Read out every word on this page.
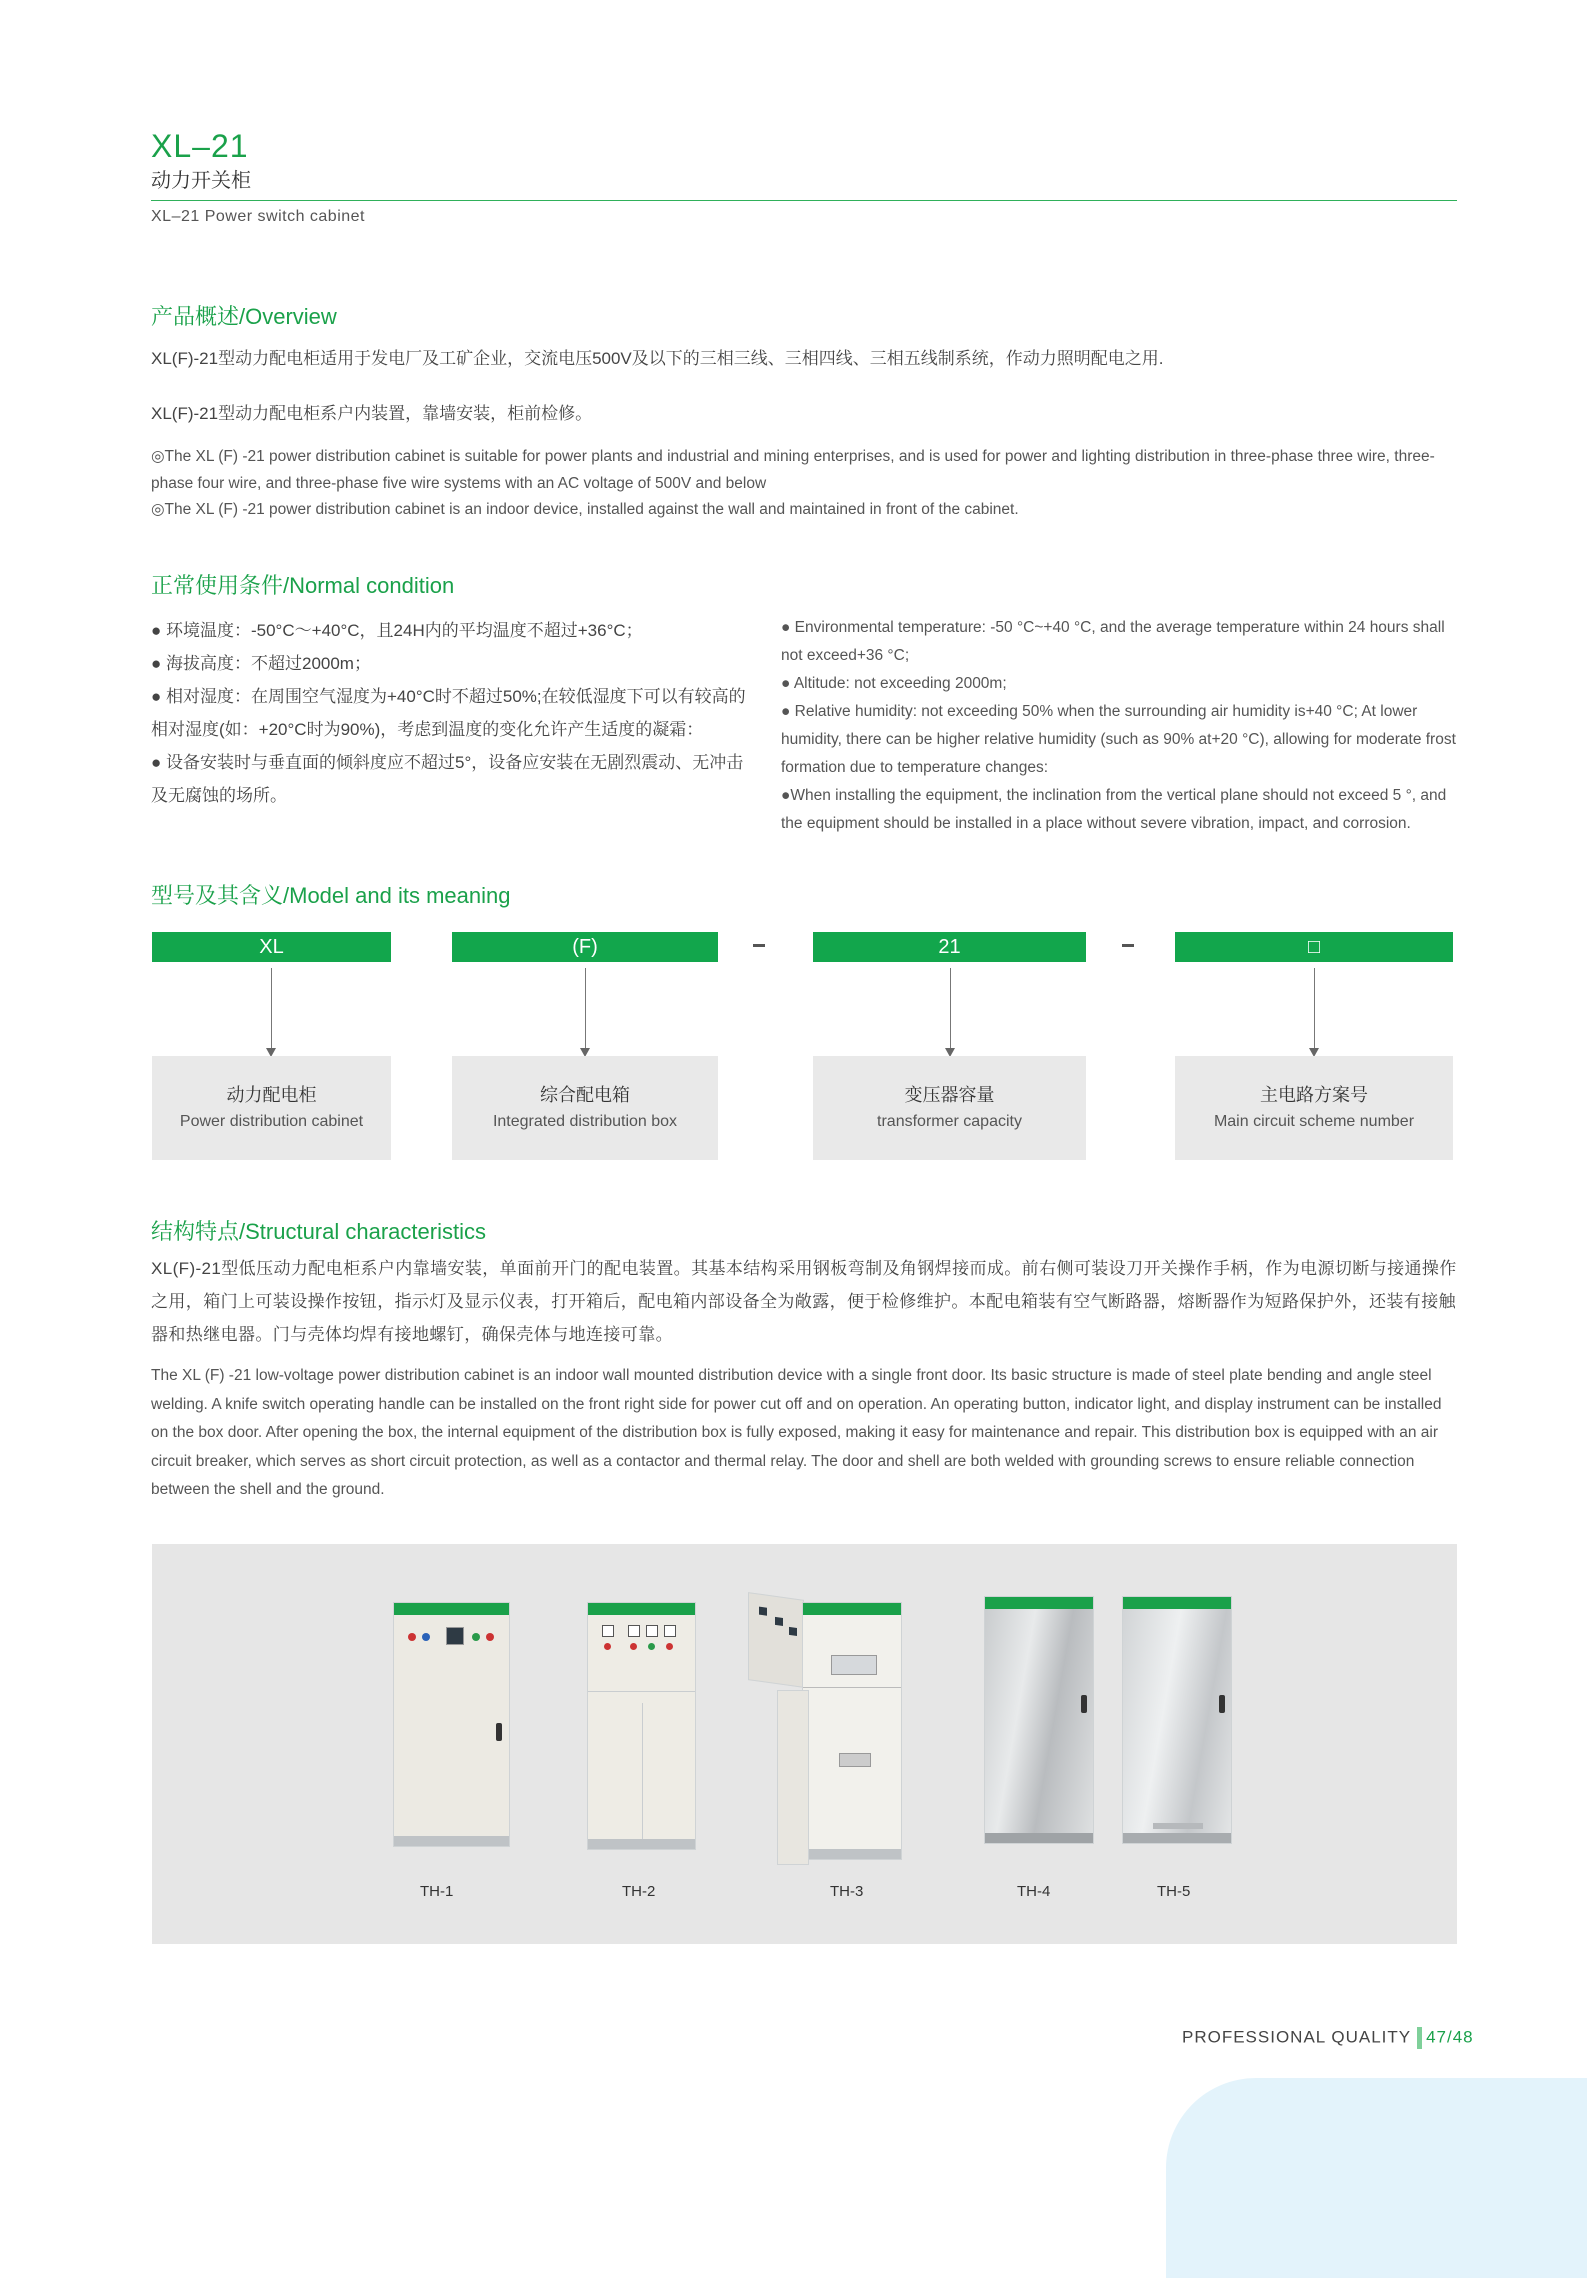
XL–21
动力开关柜
XL–21 Power switch cabinet
产品概述/Overview
XL(F)-21型动力配电柜适用于发电厂及工矿企业，交流电压500V及以下的三相三线、三相四线、三相五线制系统，作动力照明配电之用.
XL(F)-21型动力配电柜系户内装置，靠墙安装，柜前检修。
◎The XL (F) -21 power distribution cabinet is suitable for power plants and industrial and mining enterprises, and is used for power and lighting distribution in three-phase three wire, three-phase four wire, and three-phase five wire systems with an AC voltage of 500V and below
◎The XL (F) -21 power distribution cabinet is an indoor device, installed against the wall and maintained in front of the cabinet.
正常使用条件/Normal condition
● 环境温度：-50°C～+40°C，且24H内的平均温度不超过+36°C；
● 海拔高度：不超过2000m；
● 相对湿度：在周围空气湿度为+40°C时不超过50%;在较低湿度下可以有较高的相对湿度(如：+20°C时为90%)，考虑到温度的变化允许产生适度的凝霜：
● 设备安装时与垂直面的倾斜度应不超过5°，设备应安装在无剧烈震动、无冲击及无腐蚀的场所。
● Environmental temperature: -50 °C~+40 °C, and the average temperature within 24 hours shall not exceed+36 °C;
● Altitude: not exceeding 2000m;
● Relative humidity: not exceeding 50% when the surrounding air humidity is+40 °C; At lower humidity, there can be higher relative humidity (such as 90% at+20 °C), allowing for moderate frost formation due to temperature changes:
●When installing the equipment, the inclination from the vertical plane should not exceed 5 °, and the equipment should be installed in a place without severe vibration, impact, and corrosion.
型号及其含义/Model and its meaning
XL	(F)	21	□
动力配电柜
Power distribution cabinet
综合配电箱
Integrated distribution box
变压器容量
transformer capacity
主电路方案号
Main circuit scheme number
结构特点/Structural characteristics
XL(F)-21型低压动力配电柜系户内靠墙安装，单面前开门的配电装置。其基本结构采用钢板弯制及角钢焊接而成。前右侧可装设刀开关操作手柄，作为电源切断与接通操作之用，箱门上可装设操作按钮，指示灯及显示仪表，打开箱后，配电箱内部设备全为敞露，便于检修维护。本配电箱装有空气断路器，熔断器作为短路保护外，还装有接触器和热继电器。门与壳体均焊有接地螺钉，确保壳体与地连接可靠。
The XL (F) -21 low-voltage power distribution cabinet is an indoor wall mounted distribution device with a single front door. Its basic structure is made of steel plate bending and angle steel welding. A knife switch operating handle can be installed on the front right side for power cut off and on operation. An operating button, indicator light, and display instrument can be installed on the box door. After opening the box, the internal equipment of the distribution box is fully exposed, making it easy for maintenance and repair. This distribution box is equipped with an air circuit breaker, which serves as short circuit protection, as well as a contactor and thermal relay. The door and shell are both welded with grounding screws to ensure reliable connection between the shell and the ground.
TH-1	TH-2	TH-3	TH-4	TH-5
PROFESSIONAL QUALITY 47/48
